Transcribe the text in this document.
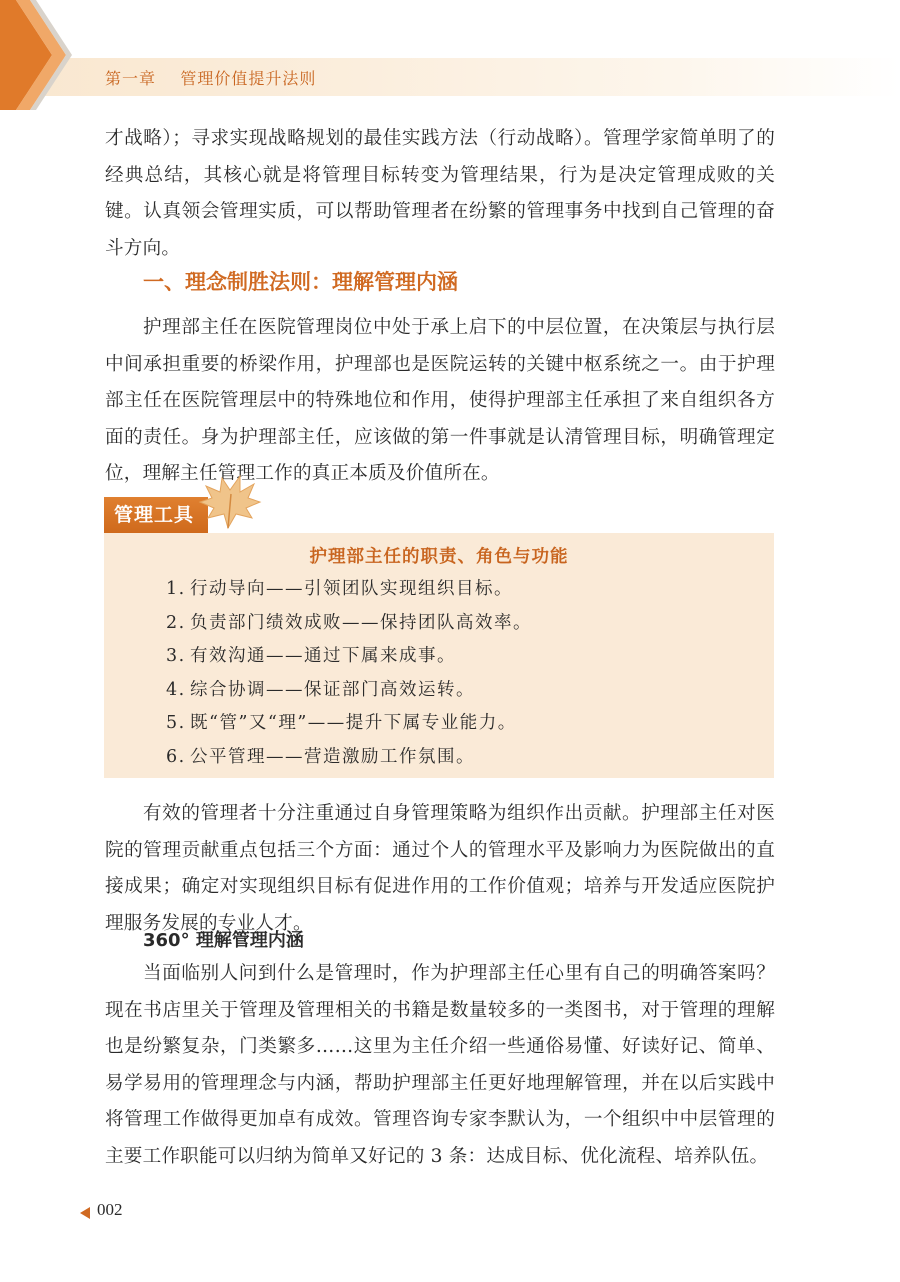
第一章 管理价值提升法则

才战略）；寻求实现战略规划的最佳实践方法（行动战略）。管理学家简单明了的经典总结，其核心就是将管理目标转变为管理结果，行为是决定管理成败的关键。认真领会管理实质，可以帮助管理者在纷繁的管理事务中找到自己管理的奋斗方向。

一、理念制胜法则：理解管理内涵

护理部主任在医院管理岗位中处于承上启下的中层位置，在决策层与执行层中间承担重要的桥梁作用，护理部也是医院运转的关键中枢系统之一。由于护理部主任在医院管理层中的特殊地位和作用，使得护理部主任承担了来自组织各方面的责任。身为护理部主任，应该做的第一件事就是认清管理目标，明确管理定位，理解主任管理工作的真正本质及价值所在。

管理工具
护理部主任的职责、角色与功能
1. 行动导向——引领团队实现组织目标。
2. 负责部门绩效成败——保持团队高效率。
3. 有效沟通——通过下属来成事。
4. 综合协调——保证部门高效运转。
5. 既“管”又“理”——提升下属专业能力。
6. 公平管理——营造激励工作氛围。

有效的管理者十分注重通过自身管理策略为组织作出贡献。护理部主任对医院的管理贡献重点包括三个方面：通过个人的管理水平及影响力为医院做出的直接成果；确定对实现组织目标有促进作用的工作价值观；培养与开发适应医院护理服务发展的专业人才。

360° 理解管理内涵

当面临别人问到什么是管理时，作为护理部主任心里有自己的明确答案吗？现在书店里关于管理及管理相关的书籍是数量较多的一类图书，对于管理的理解也是纷繁复杂，门类繁多……这里为主任介绍一些通俗易懂、好读好记、简单、易学易用的管理理念与内涵，帮助护理部主任更好地理解管理，并在以后实践中将管理工作做得更加卓有成效。管理咨询专家李默认为，一个组织中中层管理的主要工作职能可以归纳为简单又好记的 3 条：达成目标、优化流程、培养队伍。

002
